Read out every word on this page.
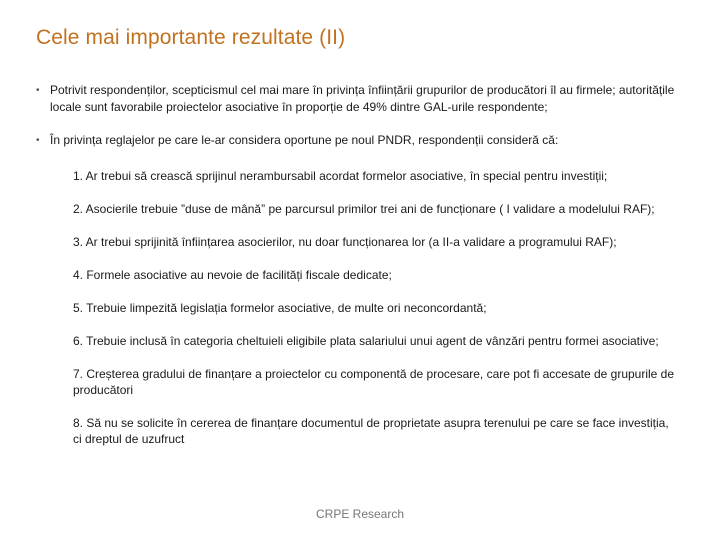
Cele mai importante rezultate (II)
• Potrivit respondenților, scepticismul cel mai mare în privința înființării grupurilor de producători îl au firmele; autoritățile locale sunt favorabile proiectelor asociative în proporție de 49% dintre GAL-urile respondente;
• În privința reglajelor pe care le-ar considera oportune pe noul PNDR, respondenții consideră că:
1. Ar trebui să crească sprijinul nerambursabil acordat formelor asociative, în special pentru investiții;
2. Asocierile trebuie ”duse de mână” pe parcursul primilor trei ani de funcționare ( I validare a modelului RAF);
3. Ar trebui sprijinită înființarea asocierilor, nu doar funcționarea lor (a II-a validare a programului RAF);
4. Formele asociative au nevoie de facilități fiscale dedicate;
5. Trebuie limpezită legislația formelor asociative, de multe ori neconcordantă;
6. Trebuie inclusă în categoria cheltuieli eligibile plata salariului unui agent de vânzări pentru formei asociative;
7. Creșterea gradului de finanțare a proiectelor cu componentă de procesare, care pot fi accesate de grupurile de producători
8. Să nu se solicite în cererea de finanțare documentul de proprietate asupra terenului pe care se face investiția, ci dreptul de uzufruct
CRPE Research
